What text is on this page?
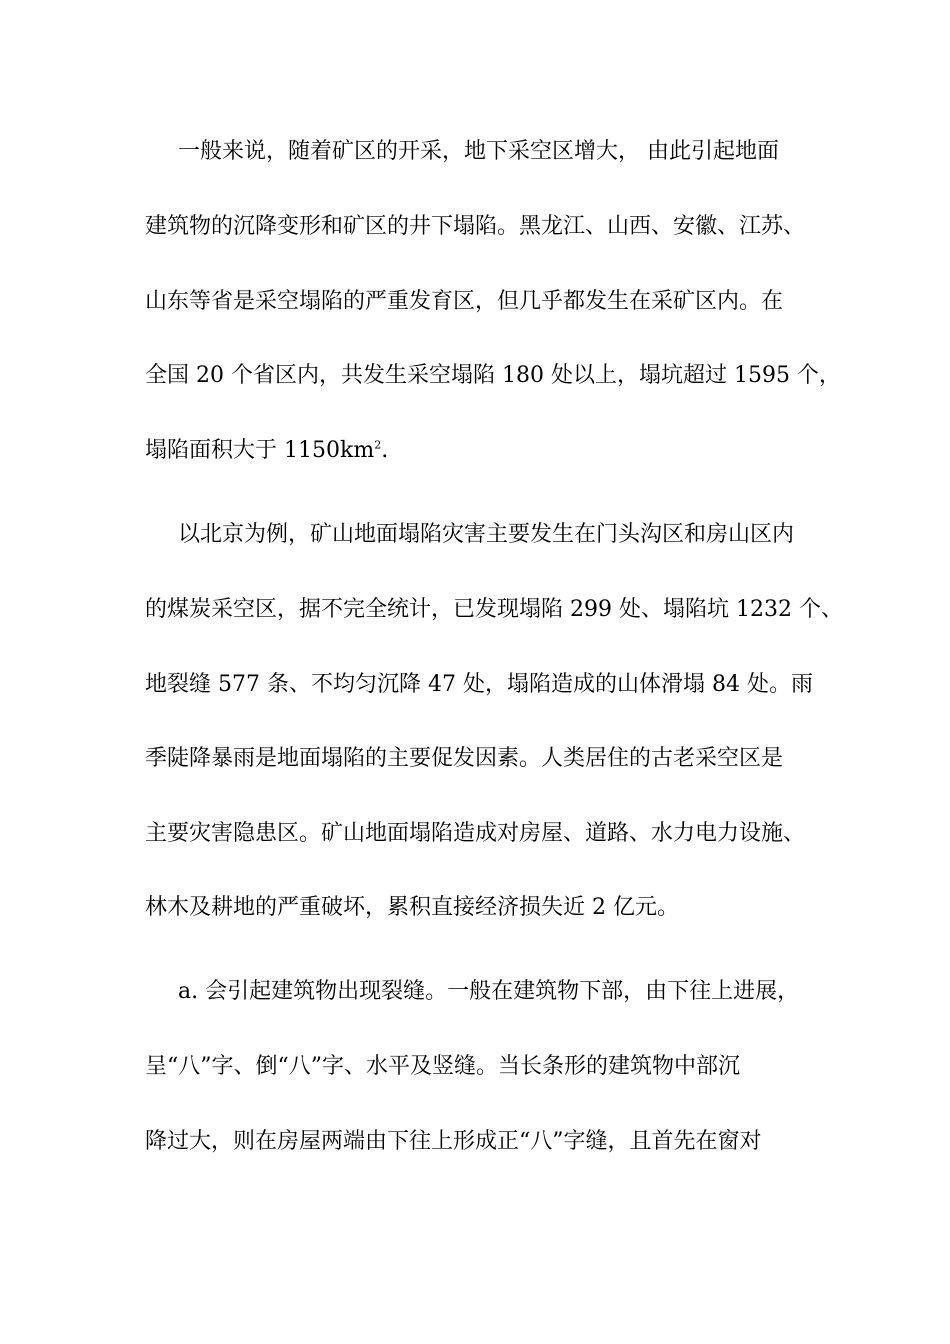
一般来说，随着矿区的开采，地下采空区增大， 由此引起地面
建筑物的沉降变形和矿区的井下塌陷。黑龙江、山西、安徽、江苏、
山东等省是采空塌陷的严重发育区，但几乎都发生在采矿区内。在
全国 20 个省区内，共发生采空塌陷 180 处以上，塌坑超过 1595 个，
塌陷面积大于 $1150km^2$.
以北京为例，矿山地面塌陷灾害主要发生在门头沟区和房山区内
的煤炭采空区，据不完全统计，已发现塌陷 299 处、塌陷坑 1232 个、
地裂缝 577 条、不均匀沉降 47 处，塌陷造成的山体滑塌 84 处。雨
季陡降暴雨是地面塌陷的主要促发因素。人类居住的古老采空区是
主要灾害隐患区。矿山地面塌陷造成对房屋、道路、水力电力设施、
林木及耕地的严重破坏，累积直接经济损失近 2 亿元。
a. 会引起建筑物出现裂缝。一般在建筑物下部，由下往上进展，
呈“八”字、倒“八”字、水平及竖缝。当长条形的建筑物中部沉
降过大，则在房屋两端由下往上形成正“八”字缝，且首先在窗对
